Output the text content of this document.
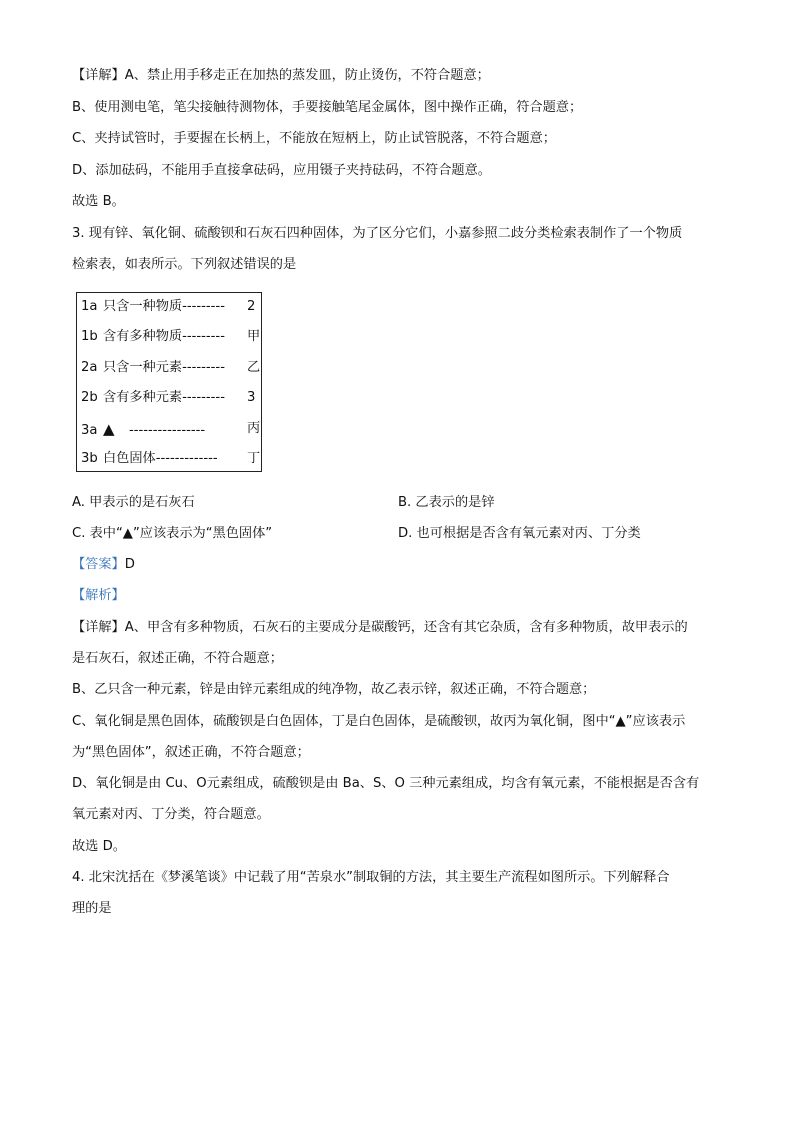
【详解】A、禁止用手移走正在加热的蒸发皿，防止烫伤，不符合题意；
B、使用测电笔，笔尖接触待测物体，手要接触笔尾金属体，图中操作正确，符合题意；
C、夹持试管时，手要握在长柄上，不能放在短柄上，防止试管脱落，不符合题意；
D、添加砝码，不能用手直接拿砝码，应用镊子夹持砝码，不符合题意。
故选 B。
3. 现有锌、氧化铜、硫酸钡和石灰石四种固体，为了区分它们，小嘉参照二歧分类检索表制作了一个物质
检索表，如表所示。下列叙述错误的是
1a 只含一种物质--------- 2
1b 含有多种物质--------- 甲
2a 只含一种元素--------- 乙
2b 含有多种元素--------- 3
3a ▲ ----------------	丙
3b 白色固体------------- 丁
A. 甲表示的是石灰石	B. 乙表示的是锌
C. 表中“▲”应该表示为“黑色固体”	D. 也可根据是否含有氧元素对丙、丁分类
【答案】D
【解析】
【详解】A、甲含有多种物质，石灰石的主要成分是碳酸钙，还含有其它杂质，含有多种物质，故甲表示的
是石灰石，叙述正确，不符合题意；
B、乙只含一种元素，锌是由锌元素组成的纯净物，故乙表示锌，叙述正确，不符合题意；
C、氧化铜是黑色固体，硫酸钡是白色固体，丁是白色固体，是硫酸钡，故丙为氧化铜，图中“▲”应该表示
为“黑色固体”，叙述正确，不符合题意；
D、氧化铜是由 Cu、O元素组成，硫酸钡是由 Ba、S、O 三种元素组成，均含有氧元素，不能根据是否含有
氧元素对丙、丁分类，符合题意。
故选 D。
4. 北宋沈括在《梦溪笔谈》中记载了用“苦泉水”制取铜的方法，其主要生产流程如图所示。下列解释合
理的是
